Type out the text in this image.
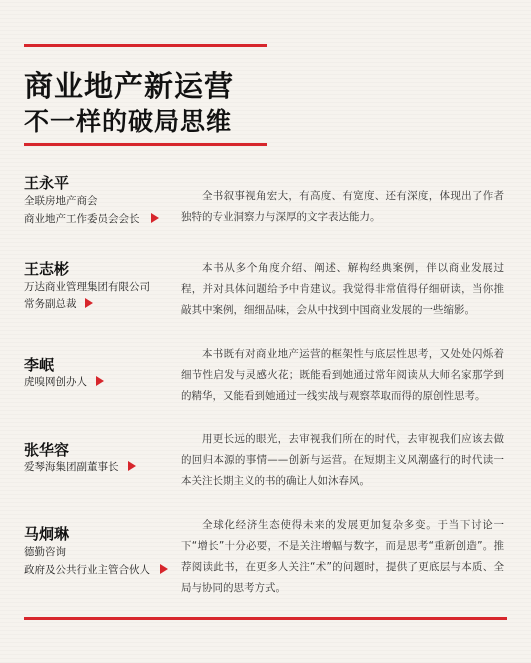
商业地产新运营
不一样的破局思维
王永平
全联房地产商会
商业地产工作委员会会长

全书叙事视角宏大，有高度、有宽度、还有深度，体现出了作者独特的专业洞察力与深厚的文字表达能力。

王志彬
万达商业管理集团有限公司
常务副总裁

本书从多个角度介绍、阐述、解构经典案例，伴以商业发展过程，并对具体问题给予中肯建议。我觉得非常值得仔细研读，当你推敲其中案例，细细品味，会从中找到中国商业发展的一些缩影。

李岷
虎嗅网创办人

本书既有对商业地产运营的框架性与底层性思考，又处处闪烁着细节性启发与灵感火花；既能看到她通过常年阅读从大师名家那学到的精华，又能看到她通过一线实战与观察萃取而得的原创性思考。

张华容
爱琴海集团副董事长

用更长远的眼光，去审视我们所在的时代，去审视我们应该去做的回归本源的事情——创新与运营。在短期主义风潮盛行的时代读一本关注长期主义的书的确让人如沐春风。

马炯琳
德勤咨询
政府及公共行业主管合伙人

全球化经济生态使得未来的发展更加复杂多变。于当下讨论一下“增长”十分必要，不是关注增幅与数字，而是思考“重新创造”。推荐阅读此书，在更多人关注“术”的问题时，提供了更底层与本质、全局与协同的思考方式。
